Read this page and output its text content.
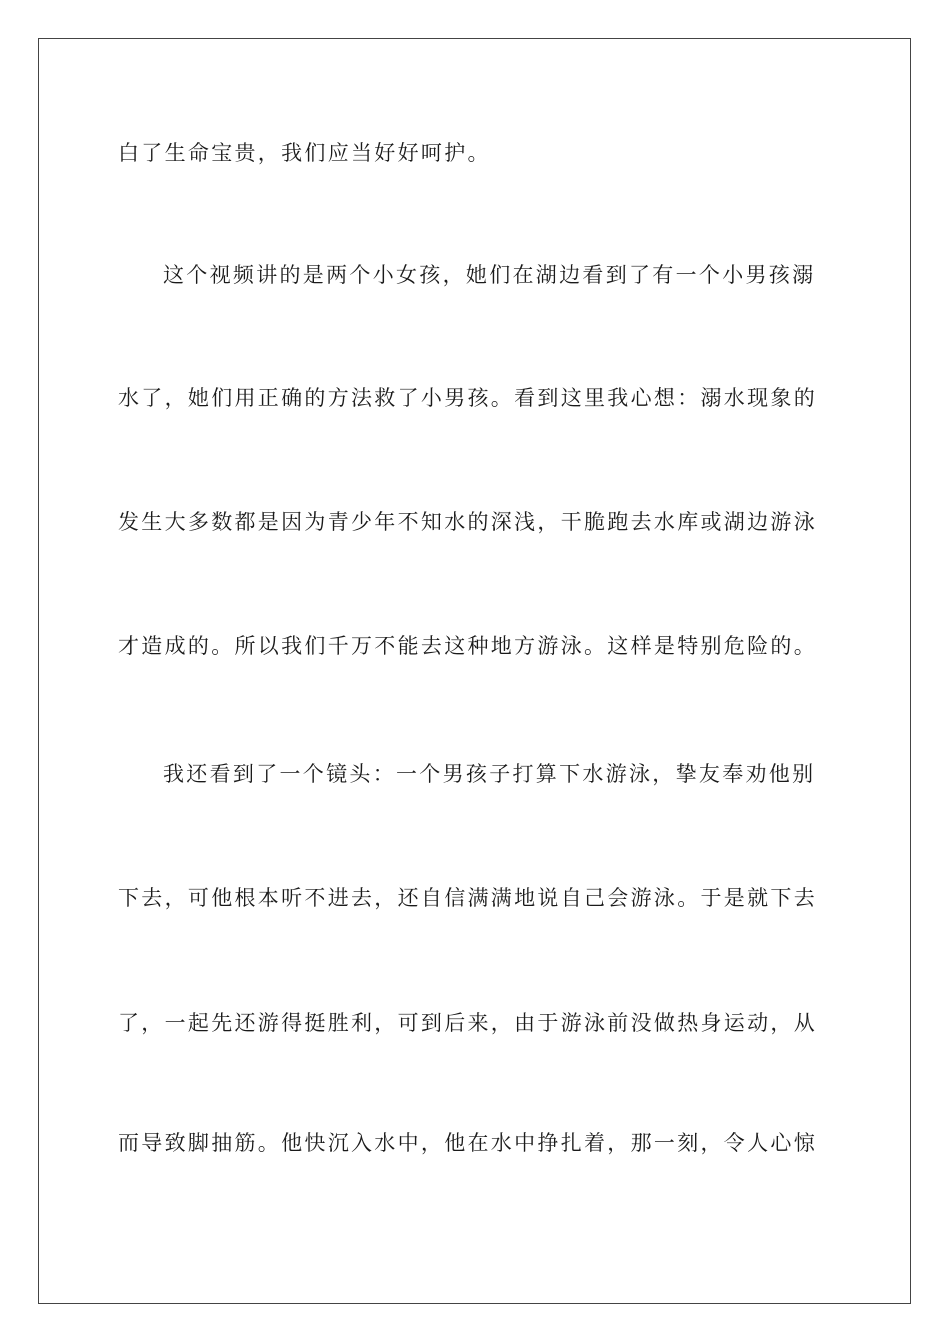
白了生命宝贵，我们应当好好呵护。
这个视频讲的是两个小女孩，她们在湖边看到了有一个小男孩溺
水了，她们用正确的方法救了小男孩。看到这里我心想：溺水现象的
发生大多数都是因为青少年不知水的深浅，干脆跑去水库或湖边游泳
才造成的。所以我们千万不能去这种地方游泳。这样是特别危险的。
我还看到了一个镜头：一个男孩子打算下水游泳，挚友奉劝他别
下去，可他根本听不进去，还自信满满地说自己会游泳。于是就下去
了，一起先还游得挺胜利，可到后来，由于游泳前没做热身运动，从
而导致脚抽筋。他快沉入水中，他在水中挣扎着，那一刻，令人心惊
